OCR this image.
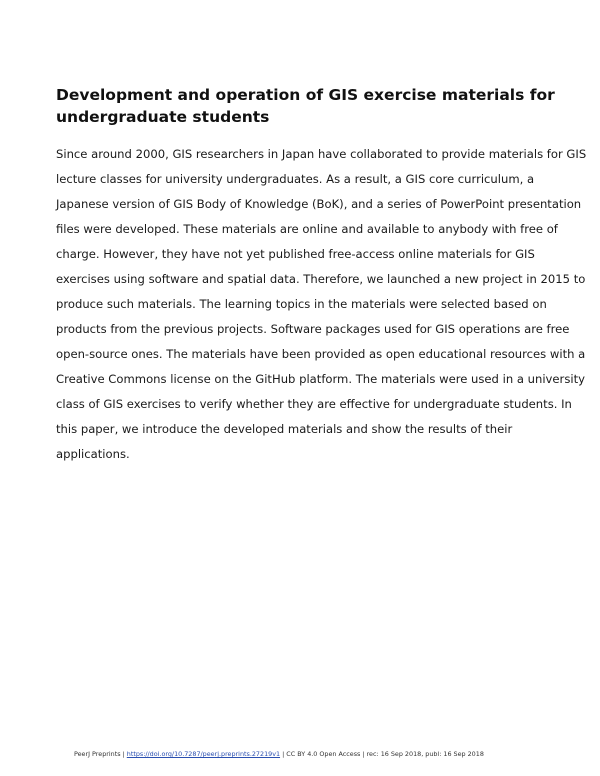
Development and operation of GIS exercise materials for
undergraduate students
Since around 2000, GIS researchers in Japan have collaborated to provide materials for GIS
lecture classes for university undergraduates. As a result, a GIS core curriculum, a
Japanese version of GIS Body of Knowledge (BoK), and a series of PowerPoint presentation
files were developed. These materials are online and available to anybody with free of
charge. However, they have not yet published free-access online materials for GIS
exercises using software and spatial data. Therefore, we launched a new project in 2015 to
produce such materials. The learning topics in the materials were selected based on
products from the previous projects. Software packages used for GIS operations are free
open-source ones. The materials have been provided as open educational resources with a
Creative Commons license on the GitHub platform. The materials were used in a university
class of GIS exercises to verify whether they are effective for undergraduate students. In
this paper, we introduce the developed materials and show the results of their
applications.
PeerJ Preprints | https://doi.org/10.7287/peerj.preprints.27219v1 | CC BY 4.0 Open Access | rec: 16 Sep 2018, publ: 16 Sep 2018
